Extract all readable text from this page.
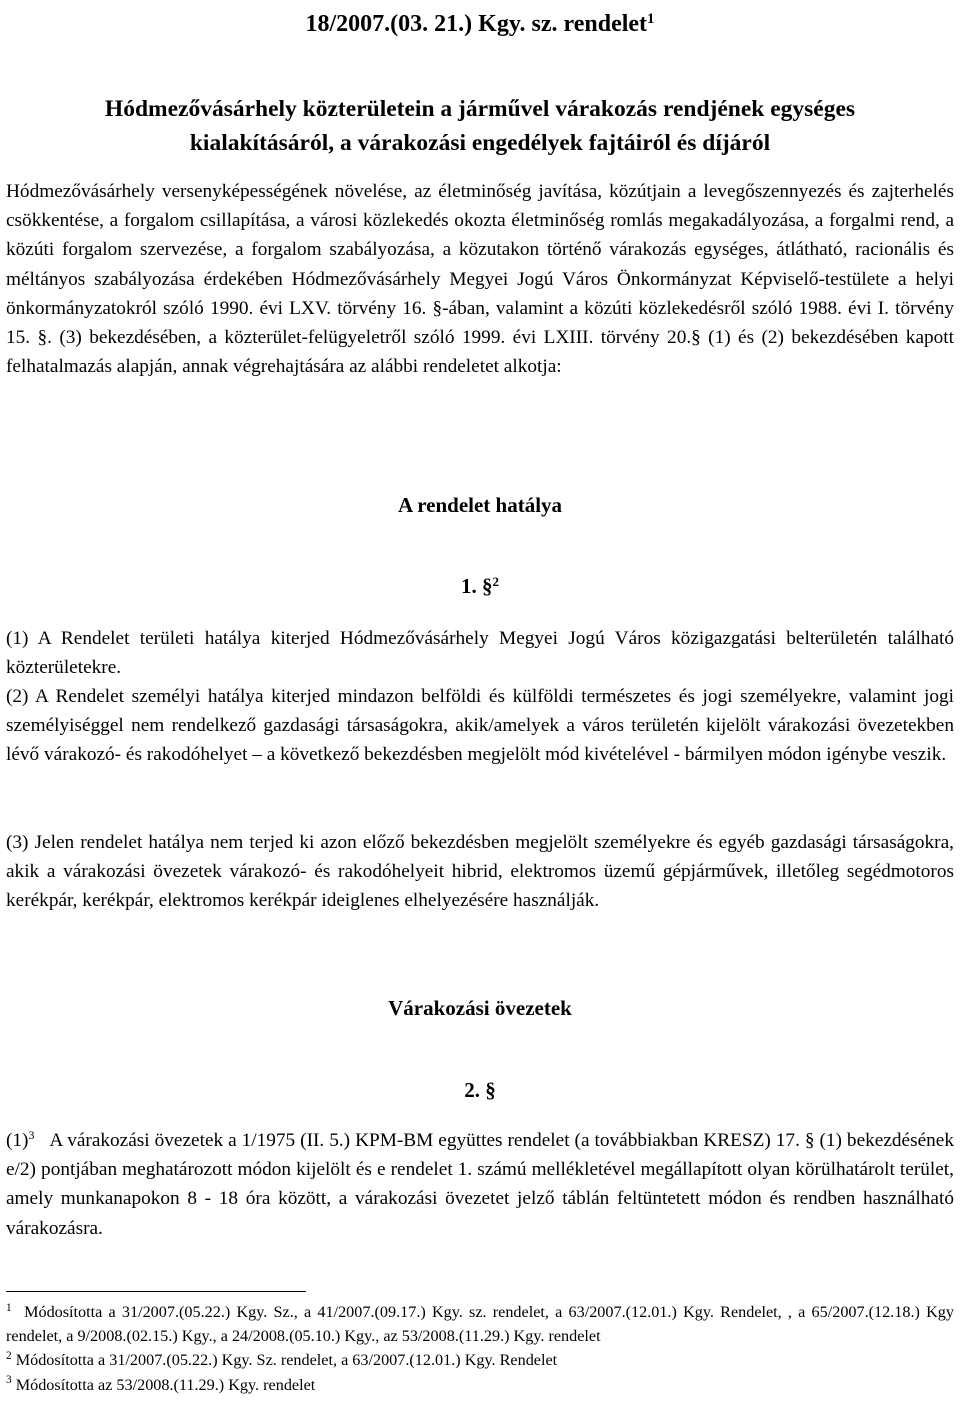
18/2007.(03. 21.) Kgy. sz. rendelet$^1$
Hódmezővásárhely közterületein a járművel várakozás rendjének egységes
kialakításáról, a várakozási engedélyek fajtáiról és díjáról
Hódmezővásárhely versenyképességének növelése, az életminőség javítása, közútjain a levegőszennyezés és zajterhelés csökkentése, a forgalom csillapítása, a városi közlekedés okozta életminőség romlás megakadályozása, a forgalmi rend, a közúti forgalom szervezése, a forgalom szabályozása, a közutakon történő várakozás egységes, átlátható, racionális és méltányos szabályozása érdekében Hódmezővásárhely Megyei Jogú Város Önkormányzat Képviselő-testülete a helyi önkormányzatokról szóló 1990. évi LXV. törvény 16. §-ában, valamint a közúti közlekedésről szóló 1988. évi I. törvény 15. §. (3) bekezdésében, a közterület-felügyeletről szóló 1999. évi LXIII. törvény 20.§ (1) és (2) bekezdésében kapott felhatalmazás alapján, annak végrehajtására az alábbi rendeletet alkotja:
A rendelet hatálya
1. §$^2$
(1) A Rendelet területi hatálya kiterjed Hódmezővásárhely Megyei Jogú Város közigazgatási belterületén található közterületekre.
(2) A Rendelet személyi hatálya kiterjed mindazon belföldi és külföldi természetes és jogi személyekre, valamint jogi személyiséggel nem rendelkező gazdasági társaságokra, akik/amelyek a város területén kijelölt várakozási övezetekben lévő várakozó- és rakodóhelyet – a következő bekezdésben megjelölt mód kivételével - bármilyen módon igénybe veszik.
(3) Jelen rendelet hatálya nem terjed ki azon előző bekezdésben megjelölt személyekre és egyéb gazdasági társaságokra, akik a várakozási övezetek várakozó- és rakodóhelyeit hibrid, elektromos üzemű gépjárművek, illetőleg segédmotoros kerékpár, kerékpár, elektromos kerékpár ideiglenes elhelyezésére használják.
Várakozási övezetek
2. §
$(1)^3$ A várakozási övezetek a 1/1975 (II. 5.) KPM-BM együttes rendelet (a továbbiakban KRESZ) 17. § (1) bekezdésének e/2) pontjában meghatározott módon kijelölt és e rendelet 1. számú mellékletével megállapított olyan körülhatárolt terület, amely munkanapokon 8 - 18 óra között, a várakozási övezetet jelző táblán feltüntetett módon és rendben használható várakozásra.

$^1$ Módosította a 31/2007.(05.22.) Kgy. Sz., a 41/2007.(09.17.) Kgy. sz. rendelet, a 63/2007.(12.01.) Kgy. Rendelet, , a 65/2007.(12.18.) Kgy rendelet, a 9/2008.(02.15.) Kgy., a 24/2008.(05.10.) Kgy., az 53/2008.(11.29.) Kgy. rendelet

$^2$ Módosította a 31/2007.(05.22.) Kgy. Sz. rendelet, a 63/2007.(12.01.) Kgy. Rendelet

$^3$ Módosította az 53/2008.(11.29.) Kgy. rendelet
